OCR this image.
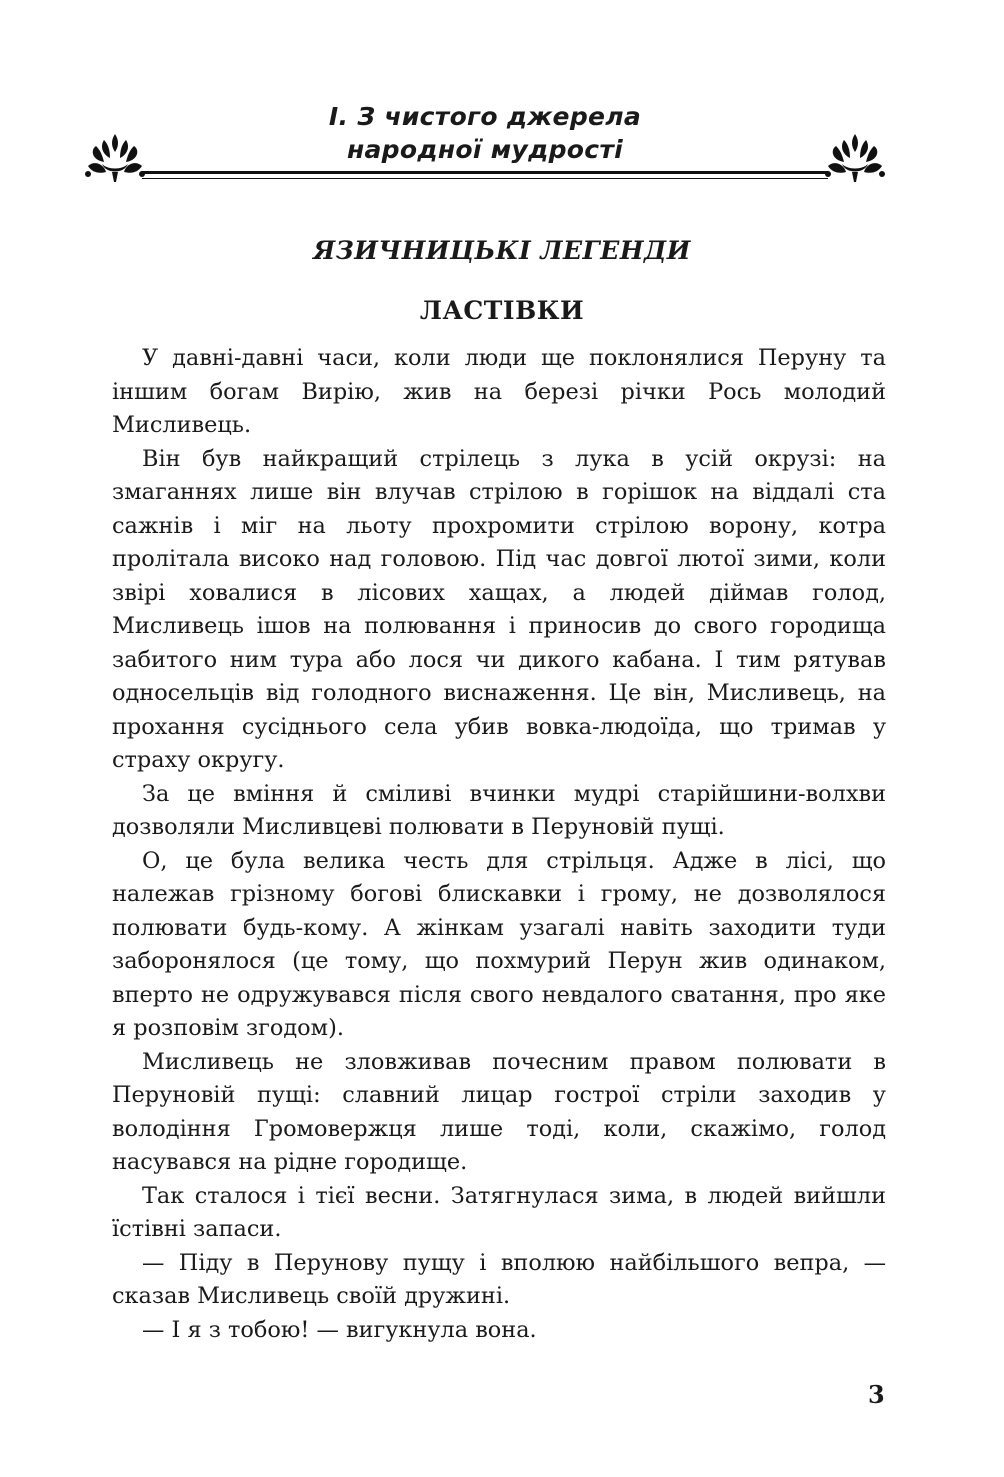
І. З чистого джерела
народної мудрості
ЯЗИЧНИЦЬКІ ЛЕГЕНДИ
ЛАСТІВКИ

У давні-давні часи, коли люди ще поклонялися Перуну та іншим богам Вирію, жив на березі річки Рось молодий Мисливець.

Він був найкращий стрілець з лука в усій окрузі: на змаганнях лише він влучав стрілою в горішок на віддалі ста сажнів і міг на льоту прохромити стрілою ворону, котра пролітала високо над головою. Під час довгої лютої зими, коли звірі ховалися в лісових хащах, а людей діймав голод, Мисливець ішов на полювання і приносив до свого городища забитого ним тура або лося чи дикого кабана. І тим рятував односельців від голодного виснаження. Це він, Мисливець, на прохання сусіднього села убив вовка-людоїда, що тримав у страху округу.

За це вміння й сміливі вчинки мудрі старійшини-волхви дозволяли Мисливцеві полювати в Перуновій пущі.

О, це була велика честь для стрільця. Адже в лісі, що належав грізному богові блискавки і грому, не дозволялося полювати будь-кому. А жінкам узагалі навіть заходити туди заборонялося (це тому, що похмурий Перун жив одинаком, вперто не одружувався після свого невдалого сватання, про яке я розповім згодом).

Мисливець не зловживав почесним правом полювати в Перуновій пущі: славний лицар гострої стріли заходив у володіння Громовержця лише тоді, коли, скажімо, голод насувався на рідне городище.

Так сталося і тієї весни. Затягнулася зима, в людей вийшли їстівні запаси.

— Піду в Перунову пущу і вполюю найбільшого вепра, — сказав Мисливець своїй дружині.

— І я з тобою! — вигукнула вона.

3
